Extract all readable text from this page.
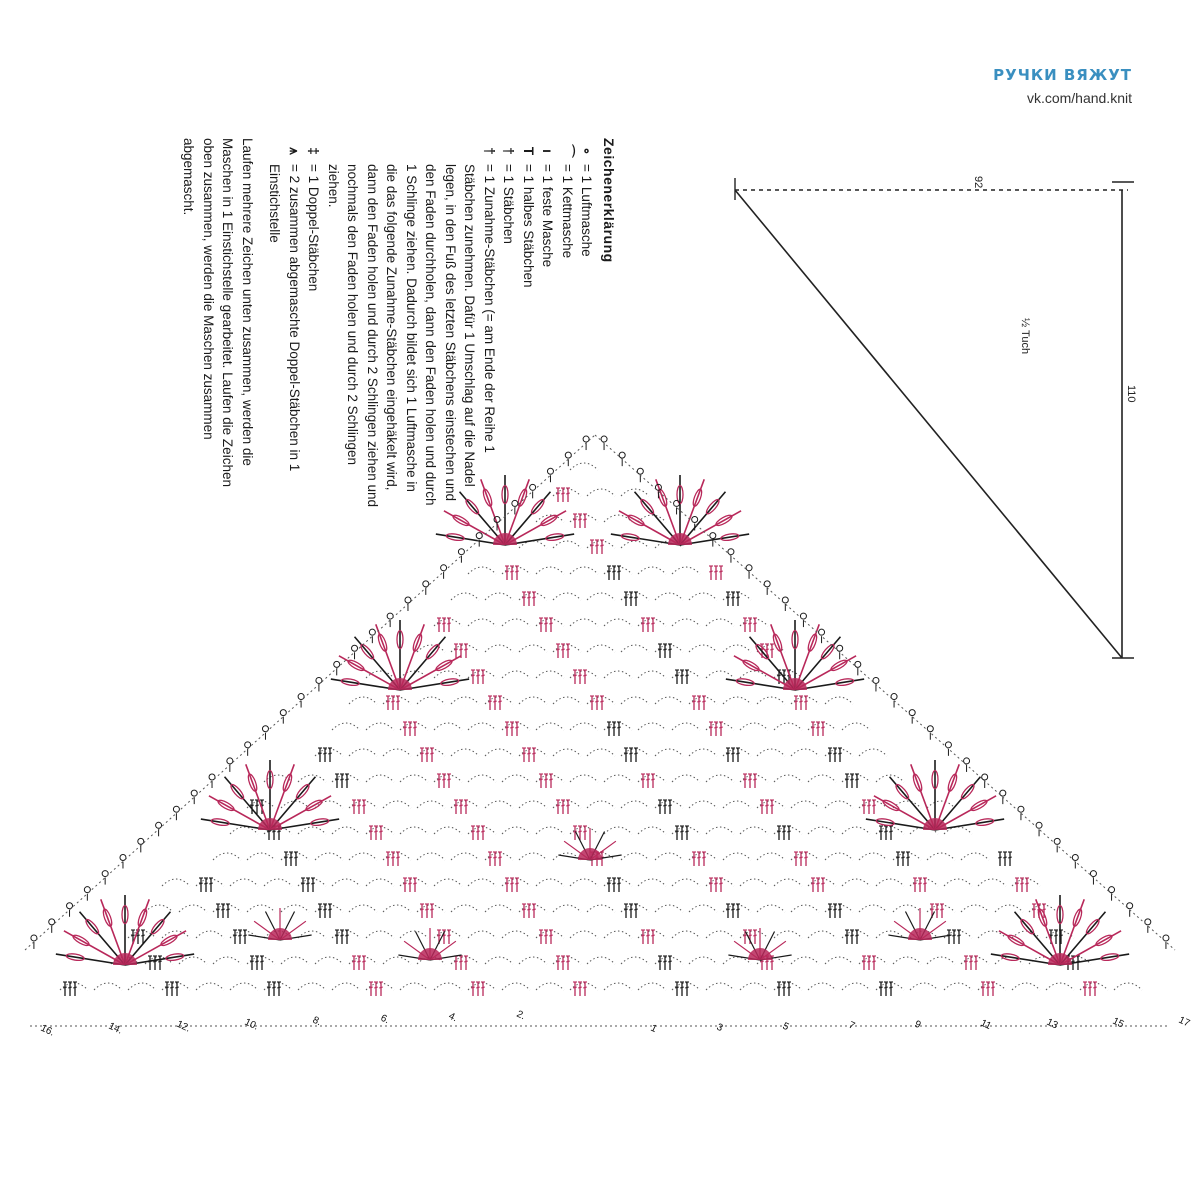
РУЧКИ ВЯЖУТ
vk.com/hand.knit
Zeichenerklärung
∘
= 1 Luftmasche
⌒
= 1 Kettmasche
ı
= 1 feste Masche
T
= 1 halbes Stäbchen
†
= 1 Stäbchen
†
= 1 Zunahme-Stäbchen (= am Ende der Reihe 1 Stäbchen zunehmen. Dafür 1 Umschlag auf die Nadel legen, in den Fuß des letzten Stäbchens einstechen und den Faden durchholen, dann den Faden holen und durch 1 Schlinge ziehen. Dadurch bildet sich 1 Luftmasche in die das folgende Zunahme-Stäbchen eingehäkelt wird, dann den Faden holen und durch 2 Schlingen ziehen und nochmals den Faden holen und durch 2 Schlingen ziehen.
‡
= 1 Doppel-Stäbchen
⩚
= 2 zusammen abgemaschte Doppel-Stäbchen in 1 Einstichstelle
Laufen mehrere Zeichen unten zusammen, werden die Maschen in 1 Einstichstelle gearbeitet. Laufen die Zeichen oben zusammen, werden die Maschen zusammen abgemascht.	92
110
½ Tuch
16.	14.	12.	10.	8.	6.	4.	2.
1	3	5	7	9	11	13	15	17
